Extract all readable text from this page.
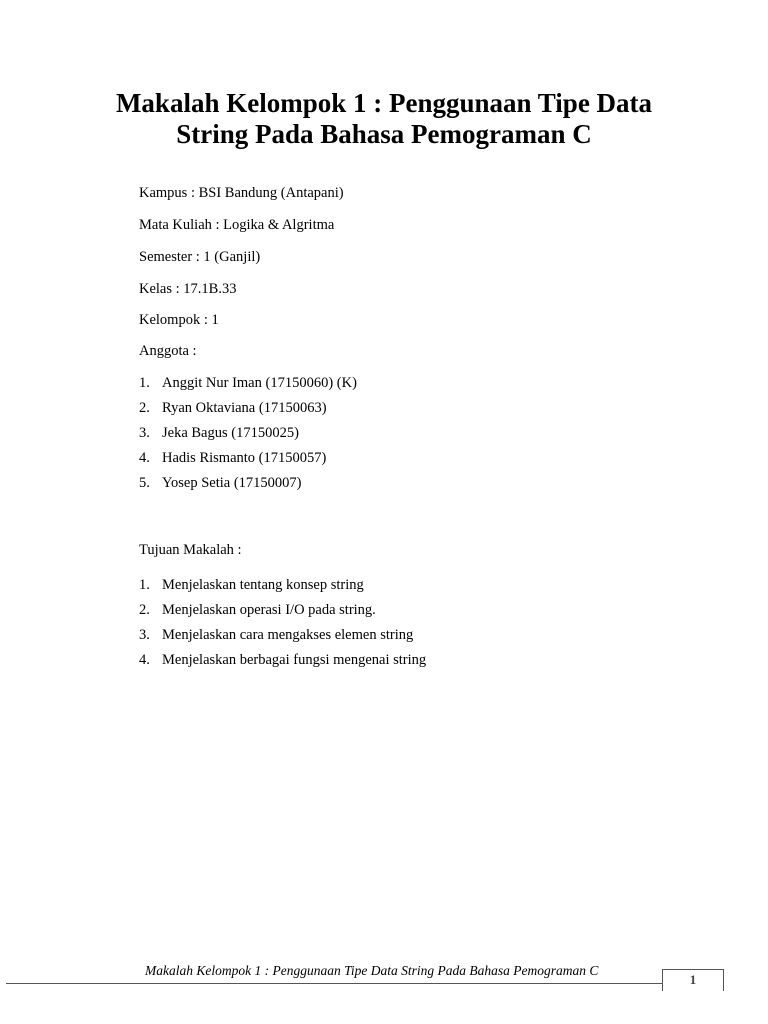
Makalah Kelompok 1 : Penggunaan Tipe Data
String Pada Bahasa Pemograman C
Kampus : BSI Bandung (Antapani)
Mata Kuliah : Logika & Algritma
Semester : 1 (Ganjil)
Kelas : 17.1B.33
Kelompok : 1
Anggota :
1. Anggit Nur Iman (17150060) (K)
2. Ryan Oktaviana (17150063)
3. Jeka Bagus (17150025)
4. Hadis Rismanto (17150057)
5. Yosep Setia (17150007)
Tujuan Makalah :
1. Menjelaskan tentang konsep string
2. Menjelaskan operasi I/O pada string.
3. Menjelaskan cara mengakses elemen string
4. Menjelaskan berbagai fungsi mengenai string
Makalah Kelompok 1 : Penggunaan Tipe Data String Pada Bahasa Pemograman C
1
